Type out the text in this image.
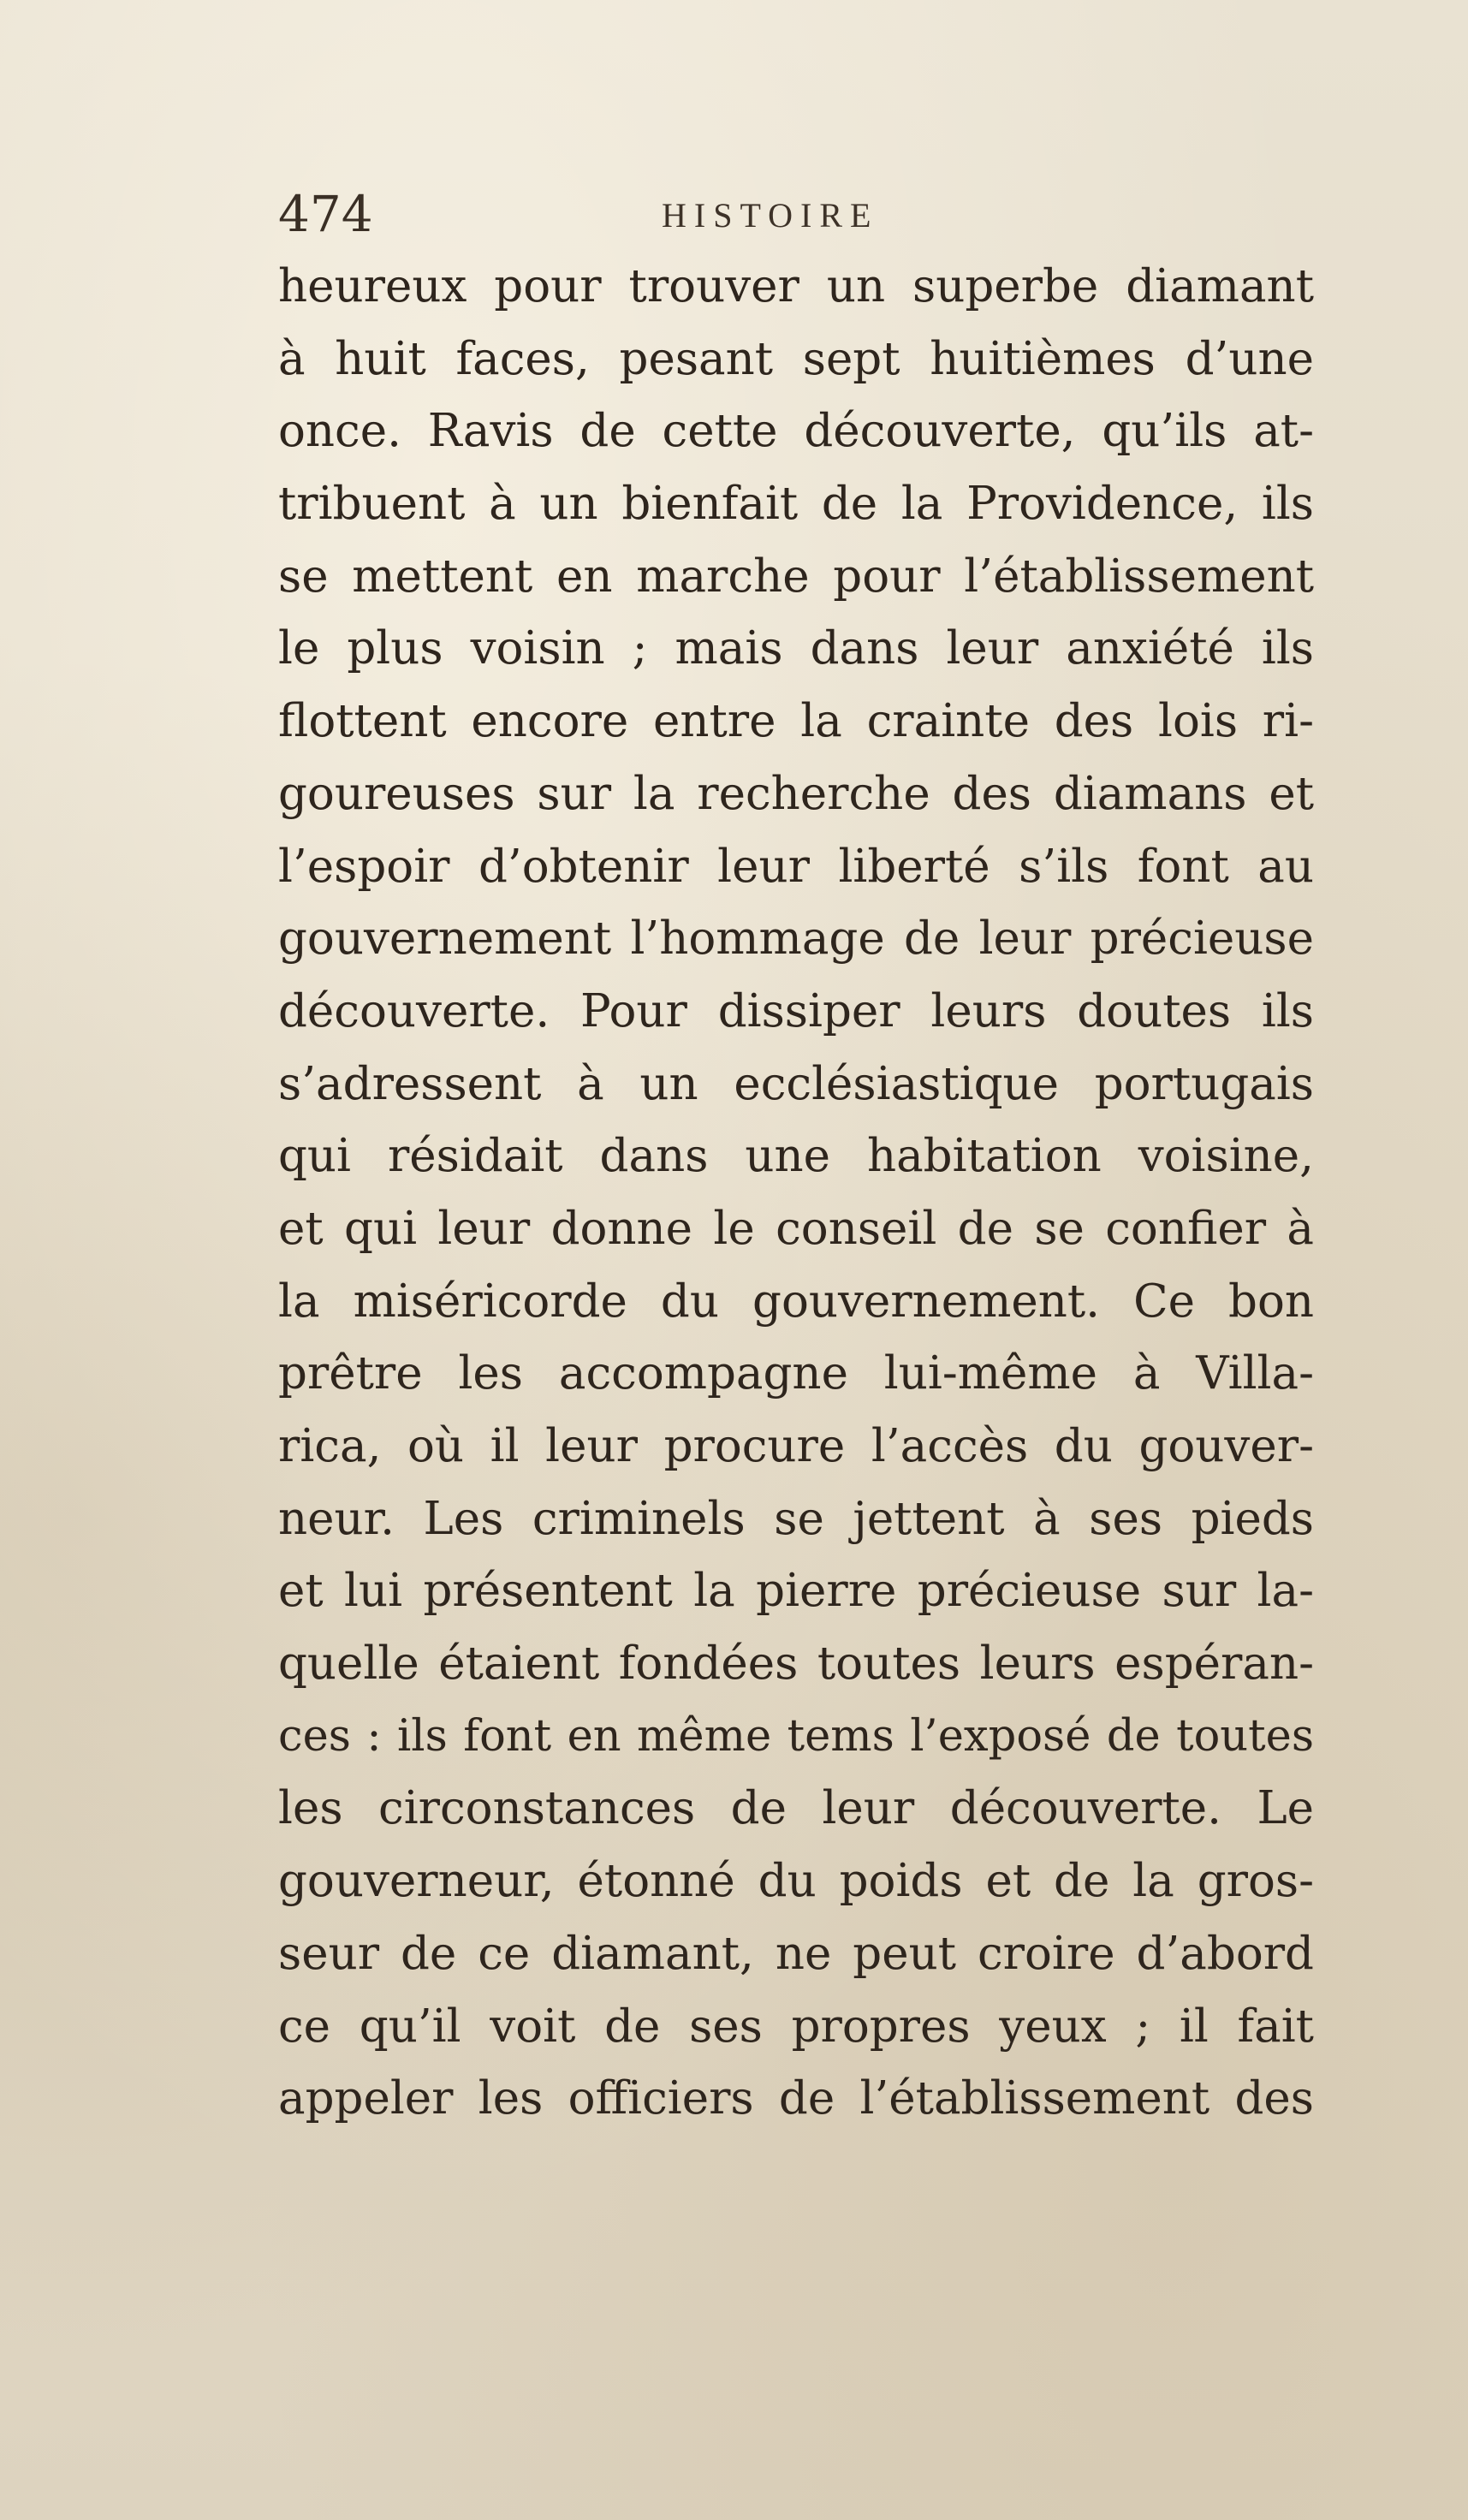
474	HISTOIRE
heureux pour trouver un superbe diamant
à huit faces, pesant sept huitièmes d’une
once. Ravis de cette découverte, qu’ils at-
tribuent à un bienfait de la Providence, ils
se mettent en marche pour l’établissement
le plus voisin ; mais dans leur anxiété ils
flottent encore entre la crainte des lois ri-
goureuses sur la recherche des diamans et
l’espoir d’obtenir leur liberté s’ils font au
gouvernement l’hommage de leur précieuse
découverte. Pour dissiper leurs doutes ils
s’adressent à un ecclésiastique portugais
qui résidait dans une habitation voisine,
et qui leur donne le conseil de se confier à
la miséricorde du gouvernement. Ce bon
prêtre les accompagne lui-même à Villa-
rica, où il leur procure l’accès du gouver-
neur. Les criminels se jettent à ses pieds
et lui présentent la pierre précieuse sur la-
quelle étaient fondées toutes leurs espéran-
ces : ils font en même tems l’exposé de toutes
les circonstances de leur découverte. Le
gouverneur, étonné du poids et de la gros-
seur de ce diamant, ne peut croire d’abord
ce qu’il voit de ses propres yeux ; il fait
appeler les officiers de l’établissement des
